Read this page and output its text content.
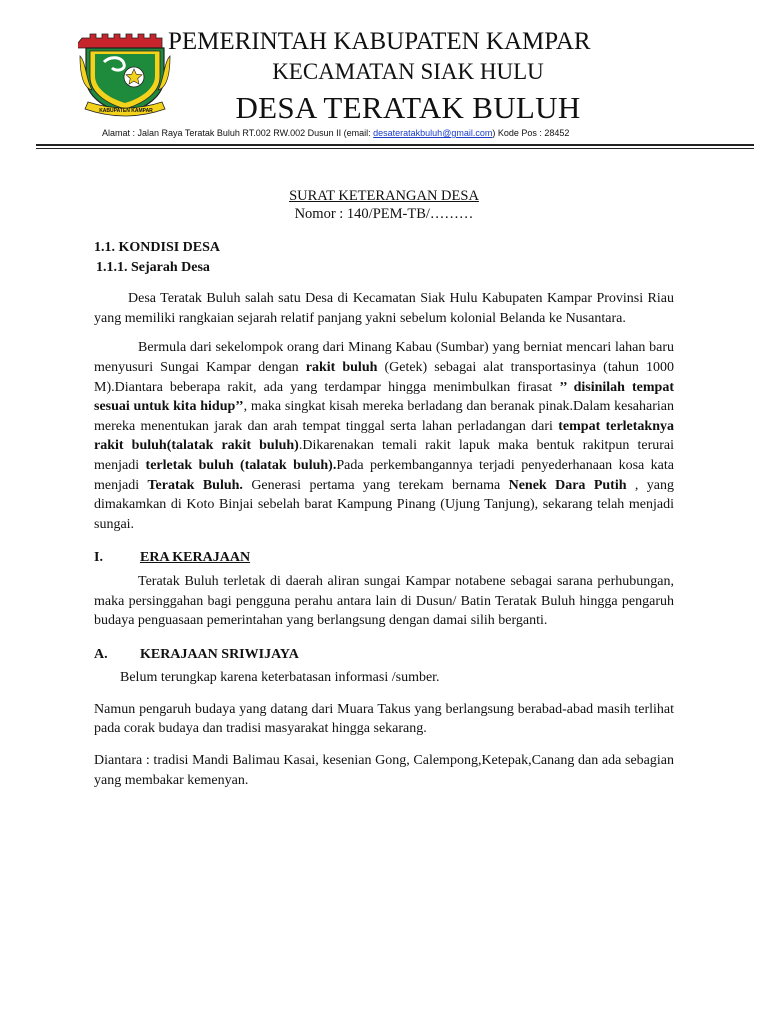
KABUPATEN KAMPAR
PEMERINTAH KABUPATEN KAMPAR
KECAMATAN SIAK HULU
DESA TERATAK BULUH
Alamat : Jalan Raya Teratak Buluh RT.002 RW.002 Dusun II (email: desateratakbuluh@gmail.com) Kode Pos : 28452
SURAT KETERANGAN DESA
Nomor : 140/PEM-TB/………

1.1. KONDISI DESA

1.1.1. Sejarah Desa

Desa Teratak Buluh salah satu Desa di Kecamatan Siak Hulu Kabupaten Kampar Provinsi Riau yang memiliki rangkaian sejarah relatif panjang yakni sebelum kolonial Belanda ke Nusantara.

Bermula dari sekelompok orang dari Minang Kabau (Sumbar) yang berniat mencari lahan baru menyusuri Sungai Kampar dengan rakit buluh (Getek) sebagai alat transportasinya (tahun 1000 M).Diantara beberapa rakit, ada yang terdampar hingga menimbulkan firasat ’’ disinilah tempat sesuai untuk kita hidup’’, maka singkat kisah mereka berladang dan beranak pinak.Dalam kesaharian mereka menentukan jarak dan arah tempat tinggal serta lahan perladangan dari tempat terletaknya rakit buluh(talatak rakit buluh).Dikarenakan temali rakit lapuk maka bentuk rakitpun terurai menjadi terletak buluh (talatak buluh).Pada perkembangannya terjadi penyederhanaan kosa kata menjadi Teratak Buluh. Generasi pertama yang terekam bernama Nenek Dara Putih , yang dimakamkan di Koto Binjai sebelah barat Kampung Pinang (Ujung Tanjung), sekarang telah menjadi sungai.

I.	ERA KERAJAAN

Teratak Buluh terletak di daerah aliran sungai Kampar notabene sebagai sarana perhubungan, maka persinggahan bagi pengguna perahu antara lain di Dusun/ Batin Teratak Buluh hingga pengaruh budaya penguasaan pemerintahan yang berlangsung dengan damai silih berganti.

A.	KERAJAAN SRIWIJAYA

Belum terungkap karena keterbatasan informasi /sumber.

Namun pengaruh budaya yang datang dari Muara Takus yang berlangsung berabad-abad masih terlihat pada corak budaya dan tradisi masyarakat hingga sekarang.

Diantara : tradisi Mandi Balimau Kasai, kesenian Gong, Calempong,Ketepak,Canang dan ada sebagian yang membakar kemenyan.
